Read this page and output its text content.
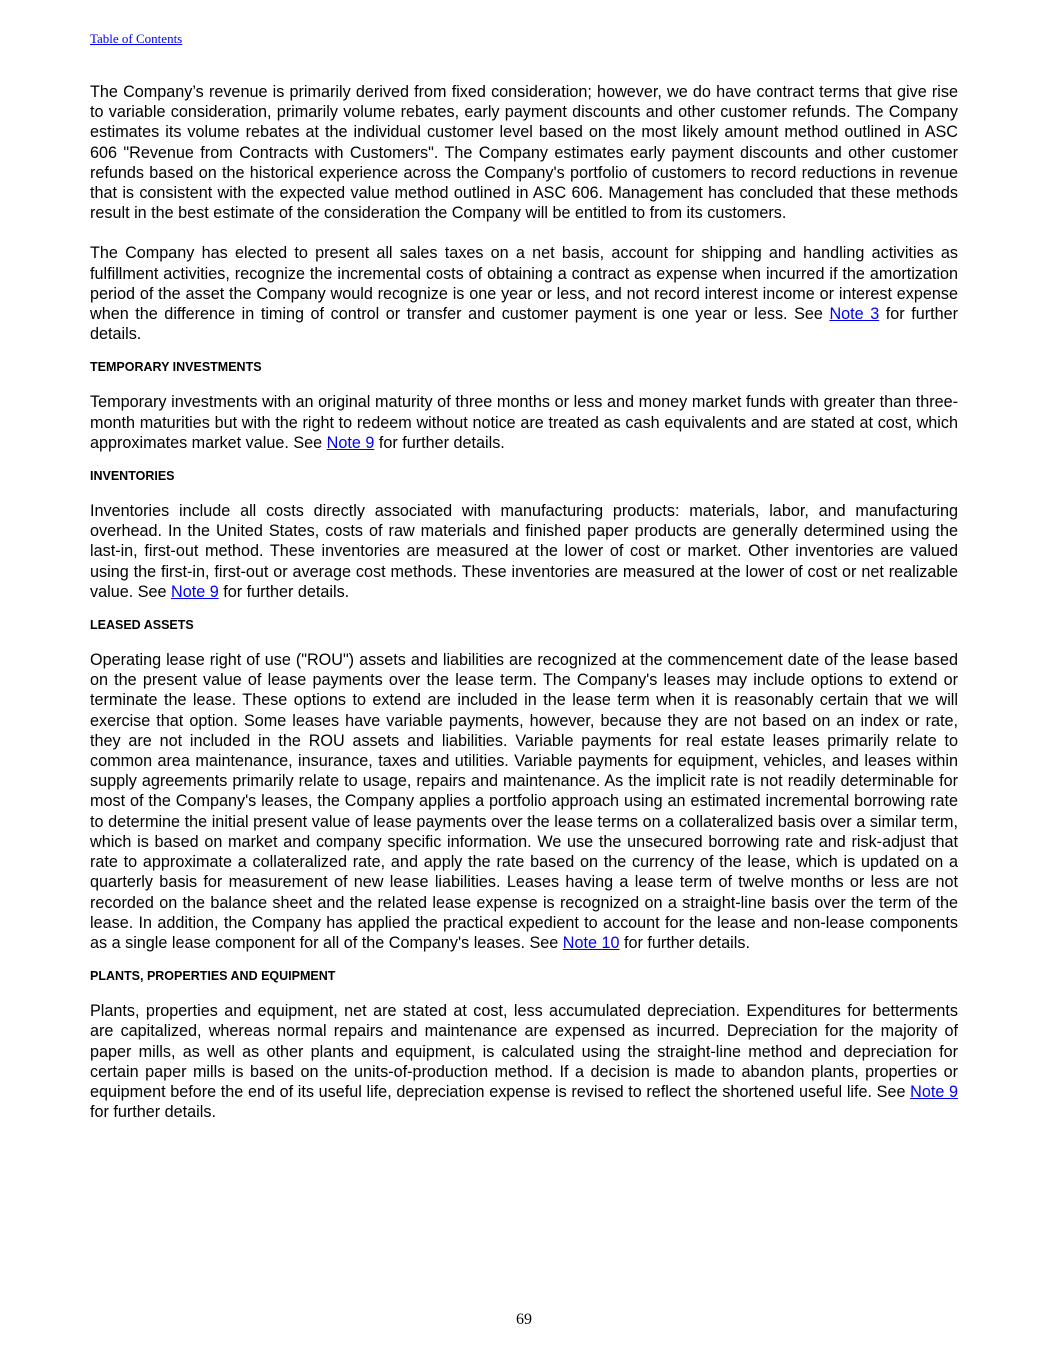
Table of Contents

The Company’s revenue is primarily derived from fixed consideration; however, we do have contract terms that give rise to variable consideration, primarily volume rebates, early payment discounts and other customer refunds. The Company estimates its volume rebates at the individual customer level based on the most likely amount method outlined in ASC 606 "Revenue from Contracts with Customers". The Company estimates early payment discounts and other customer refunds based on the historical experience across the Company's portfolio of customers to record reductions in revenue that is consistent with the expected value method outlined in ASC 606. Management has concluded that these methods result in the best estimate of the consideration the Company will be entitled to from its customers.

The Company has elected to present all sales taxes on a net basis, account for shipping and handling activities as fulfillment activities, recognize the incremental costs of obtaining a contract as expense when incurred if the amortization period of the asset the Company would recognize is one year or less, and not record interest income or interest expense when the difference in timing of control or transfer and customer payment is one year or less. See Note 3 for further details.

TEMPORARY INVESTMENTS

Temporary investments with an original maturity of three months or less and money market funds with greater than three-month maturities but with the right to redeem without notice are treated as cash equivalents and are stated at cost, which approximates market value. See Note 9 for further details.

INVENTORIES

Inventories include all costs directly associated with manufacturing products: materials, labor, and manufacturing overhead. In the United States, costs of raw materials and finished paper products are generally determined using the last-in, first-out method. These inventories are measured at the lower of cost or market. Other inventories are valued using the first-in, first-out or average cost methods. These inventories are measured at the lower of cost or net realizable value. See Note 9 for further details.

LEASED ASSETS

Operating lease right of use ("ROU") assets and liabilities are recognized at the commencement date of the lease based on the present value of lease payments over the lease term. The Company's leases may include options to extend or terminate the lease. These options to extend are included in the lease term when it is reasonably certain that we will exercise that option. Some leases have variable payments, however, because they are not based on an index or rate, they are not included in the ROU assets and liabilities. Variable payments for real estate leases primarily relate to common area maintenance, insurance, taxes and utilities. Variable payments for equipment, vehicles, and leases within supply agreements primarily relate to usage, repairs and maintenance. As the implicit rate is not readily determinable for most of the Company's leases, the Company applies a portfolio approach using an estimated incremental borrowing rate to determine the initial present value of lease payments over the lease terms on a collateralized basis over a similar term, which is based on market and company specific information. We use the unsecured borrowing rate and risk-adjust that rate to approximate a collateralized rate, and apply the rate based on the currency of the lease, which is updated on a quarterly basis for measurement of new lease liabilities. Leases having a lease term of twelve months or less are not recorded on the balance sheet and the related lease expense is recognized on a straight-line basis over the term of the lease. In addition, the Company has applied the practical expedient to account for the lease and non-lease components as a single lease component for all of the Company's leases. See Note 10 for further details.

PLANTS, PROPERTIES AND EQUIPMENT

Plants, properties and equipment, net are stated at cost, less accumulated depreciation. Expenditures for betterments are capitalized, whereas normal repairs and maintenance are expensed as incurred. Depreciation for the majority of paper mills, as well as other plants and equipment, is calculated using the straight-line method and depreciation for certain paper mills is based on the units-of-production method. If a decision is made to abandon plants, properties or equipment before the end of its useful life, depreciation expense is revised to reflect the shortened useful life. See Note 9 for further details.

69
